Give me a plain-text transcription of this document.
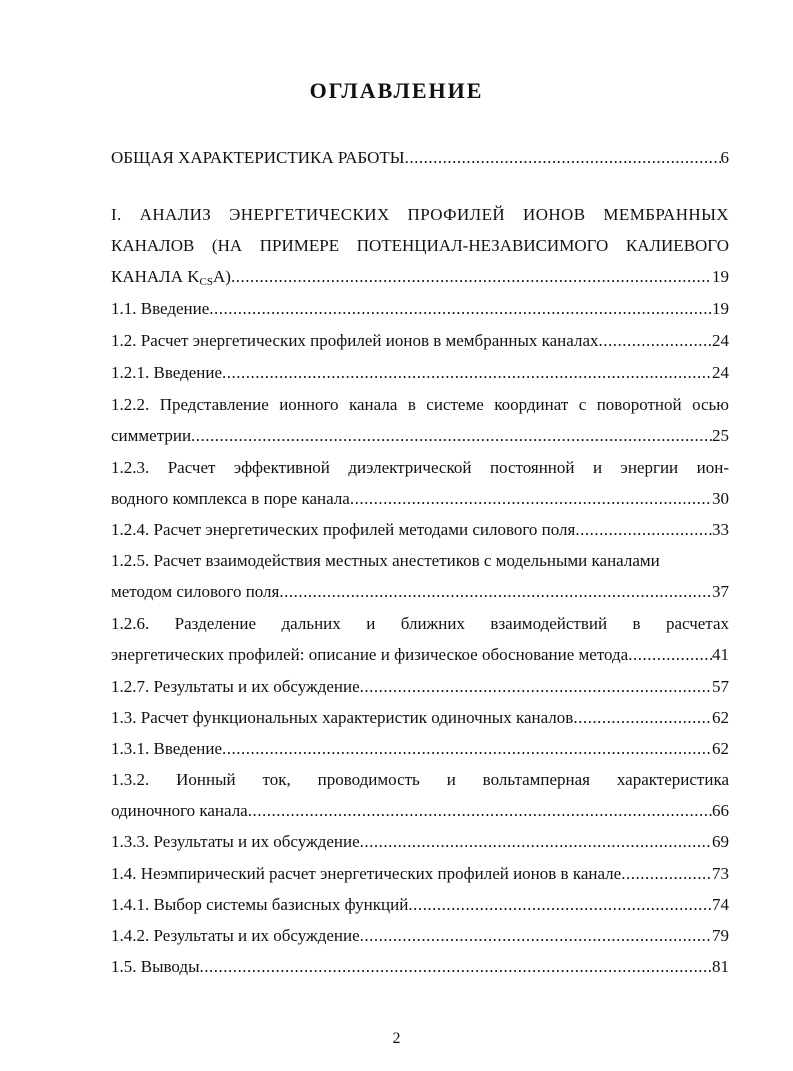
ОГЛАВЛЕНИЕ
ОБЩАЯ ХАРАКТЕРИСТИКА РАБОТЫ .....	6
I. АНАЛИЗ ЭНЕРГЕТИЧЕСКИХ ПРОФИЛЕЙ ИОНОВ МЕМБРАННЫХ
КАНАЛОВ (НА ПРИМЕРЕ ПОТЕНЦИАЛ-НЕЗАВИСИМОГО КАЛИЕВОГО
КАНАЛА $K_{CS}A$) .....	19
1.1. Введение .....	19
1.2. Расчет энергетических профилей ионов в мембранных каналах .....	24
1.2.1. Введение .....	24
1.2.2. Представление ионного канала в системе координат с поворотной осью
симметрии .....	25
1.2.3. Расчет эффективной диэлектрической постоянной и энергии ион-
водного комплекса в поре канала .....	30
1.2.4. Расчет энергетических профилей методами силового поля .....	33
1.2.5. Расчет взаимодействия местных анестетиков с модельными каналами
методом силового поля .....	37
1.2.6. Разделение дальних и ближних взаимодействий в расчетах
энергетических профилей: описание и физическое обоснование метода .....	41
1.2.7. Результаты и их обсуждение .....	57
1.3. Расчет функциональных характеристик одиночных каналов .....	62
1.3.1. Введение .....	62
1.3.2. Ионный ток, проводимость и вольтамперная характеристика
одиночного канала .....	66
1.3.3. Результаты и их обсуждение .....	69
1.4. Неэмпирический расчет энергетических профилей ионов в канале .....	73
1.4.1. Выбор системы базисных функций .....	74
1.4.2. Результаты и их обсуждение .....	79
1.5. Выводы .....	81
2
